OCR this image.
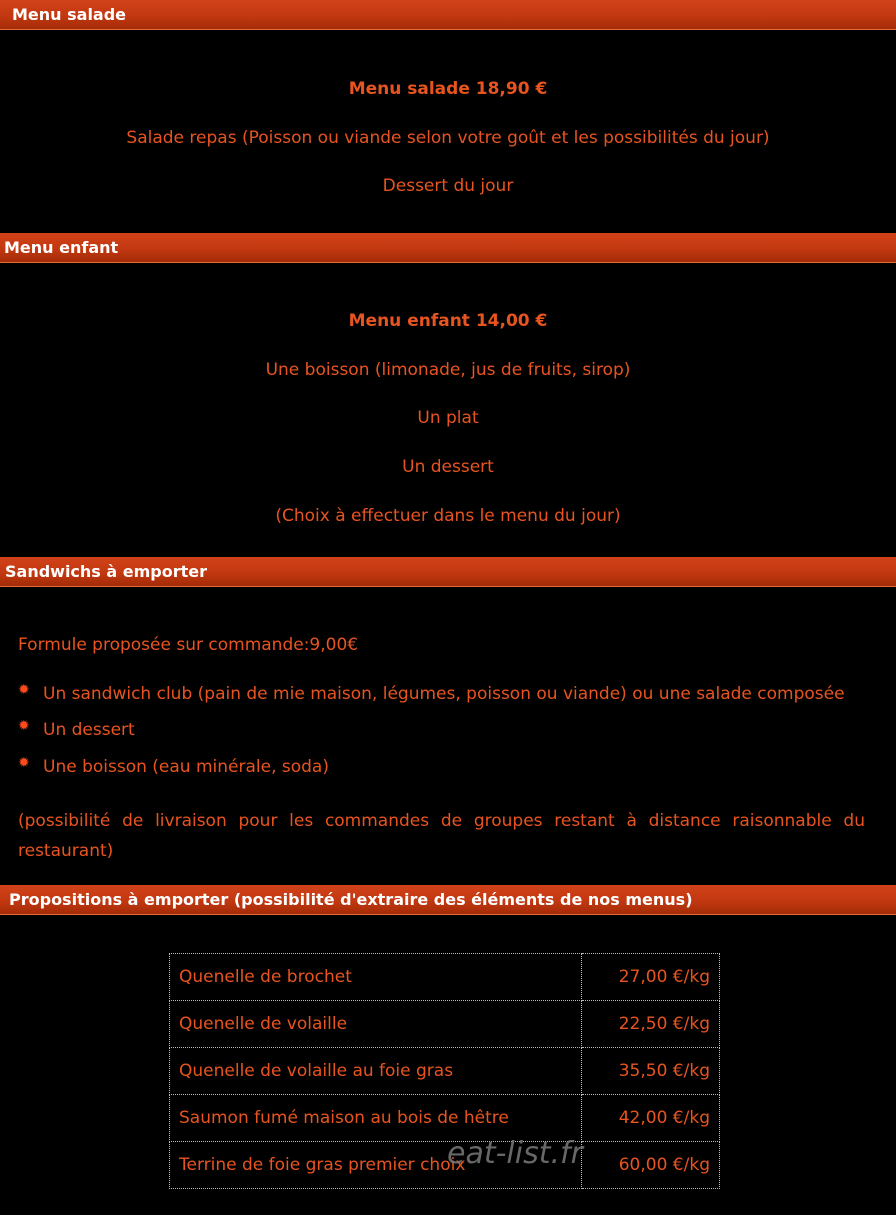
Menu salade
Menu salade 18,90 €
Salade repas (Poisson ou viande selon votre goût et les possibilités du jour)
Dessert du jour
Menu enfant
Menu enfant 14,00 €
Une boisson (limonade, jus de fruits, sirop)
Un plat
Un dessert
(Choix à effectuer dans le menu du jour)
Sandwichs à emporter
Formule proposée sur commande:9,00€
✹ Un sandwich club (pain de mie maison, légumes, poisson ou viande) ou une salade composée
✹ Un dessert
✹ Une boisson (eau minérale, soda)
(possibilité de livraison pour les commandes de groupes restant à distance raisonnable du restaurant)
Propositions à emporter (possibilité d'extraire des éléments de nos menus)
Quenelle de brochet	27,00 €/kg
Quenelle de volaille	22,50 €/kg
Quenelle de volaille au foie gras	35,50 €/kg
Saumon fumé maison au bois de hêtre	42,00 €/kg
Terrine de foie gras premier choix	60,00 €/kg
eat-list.fr
